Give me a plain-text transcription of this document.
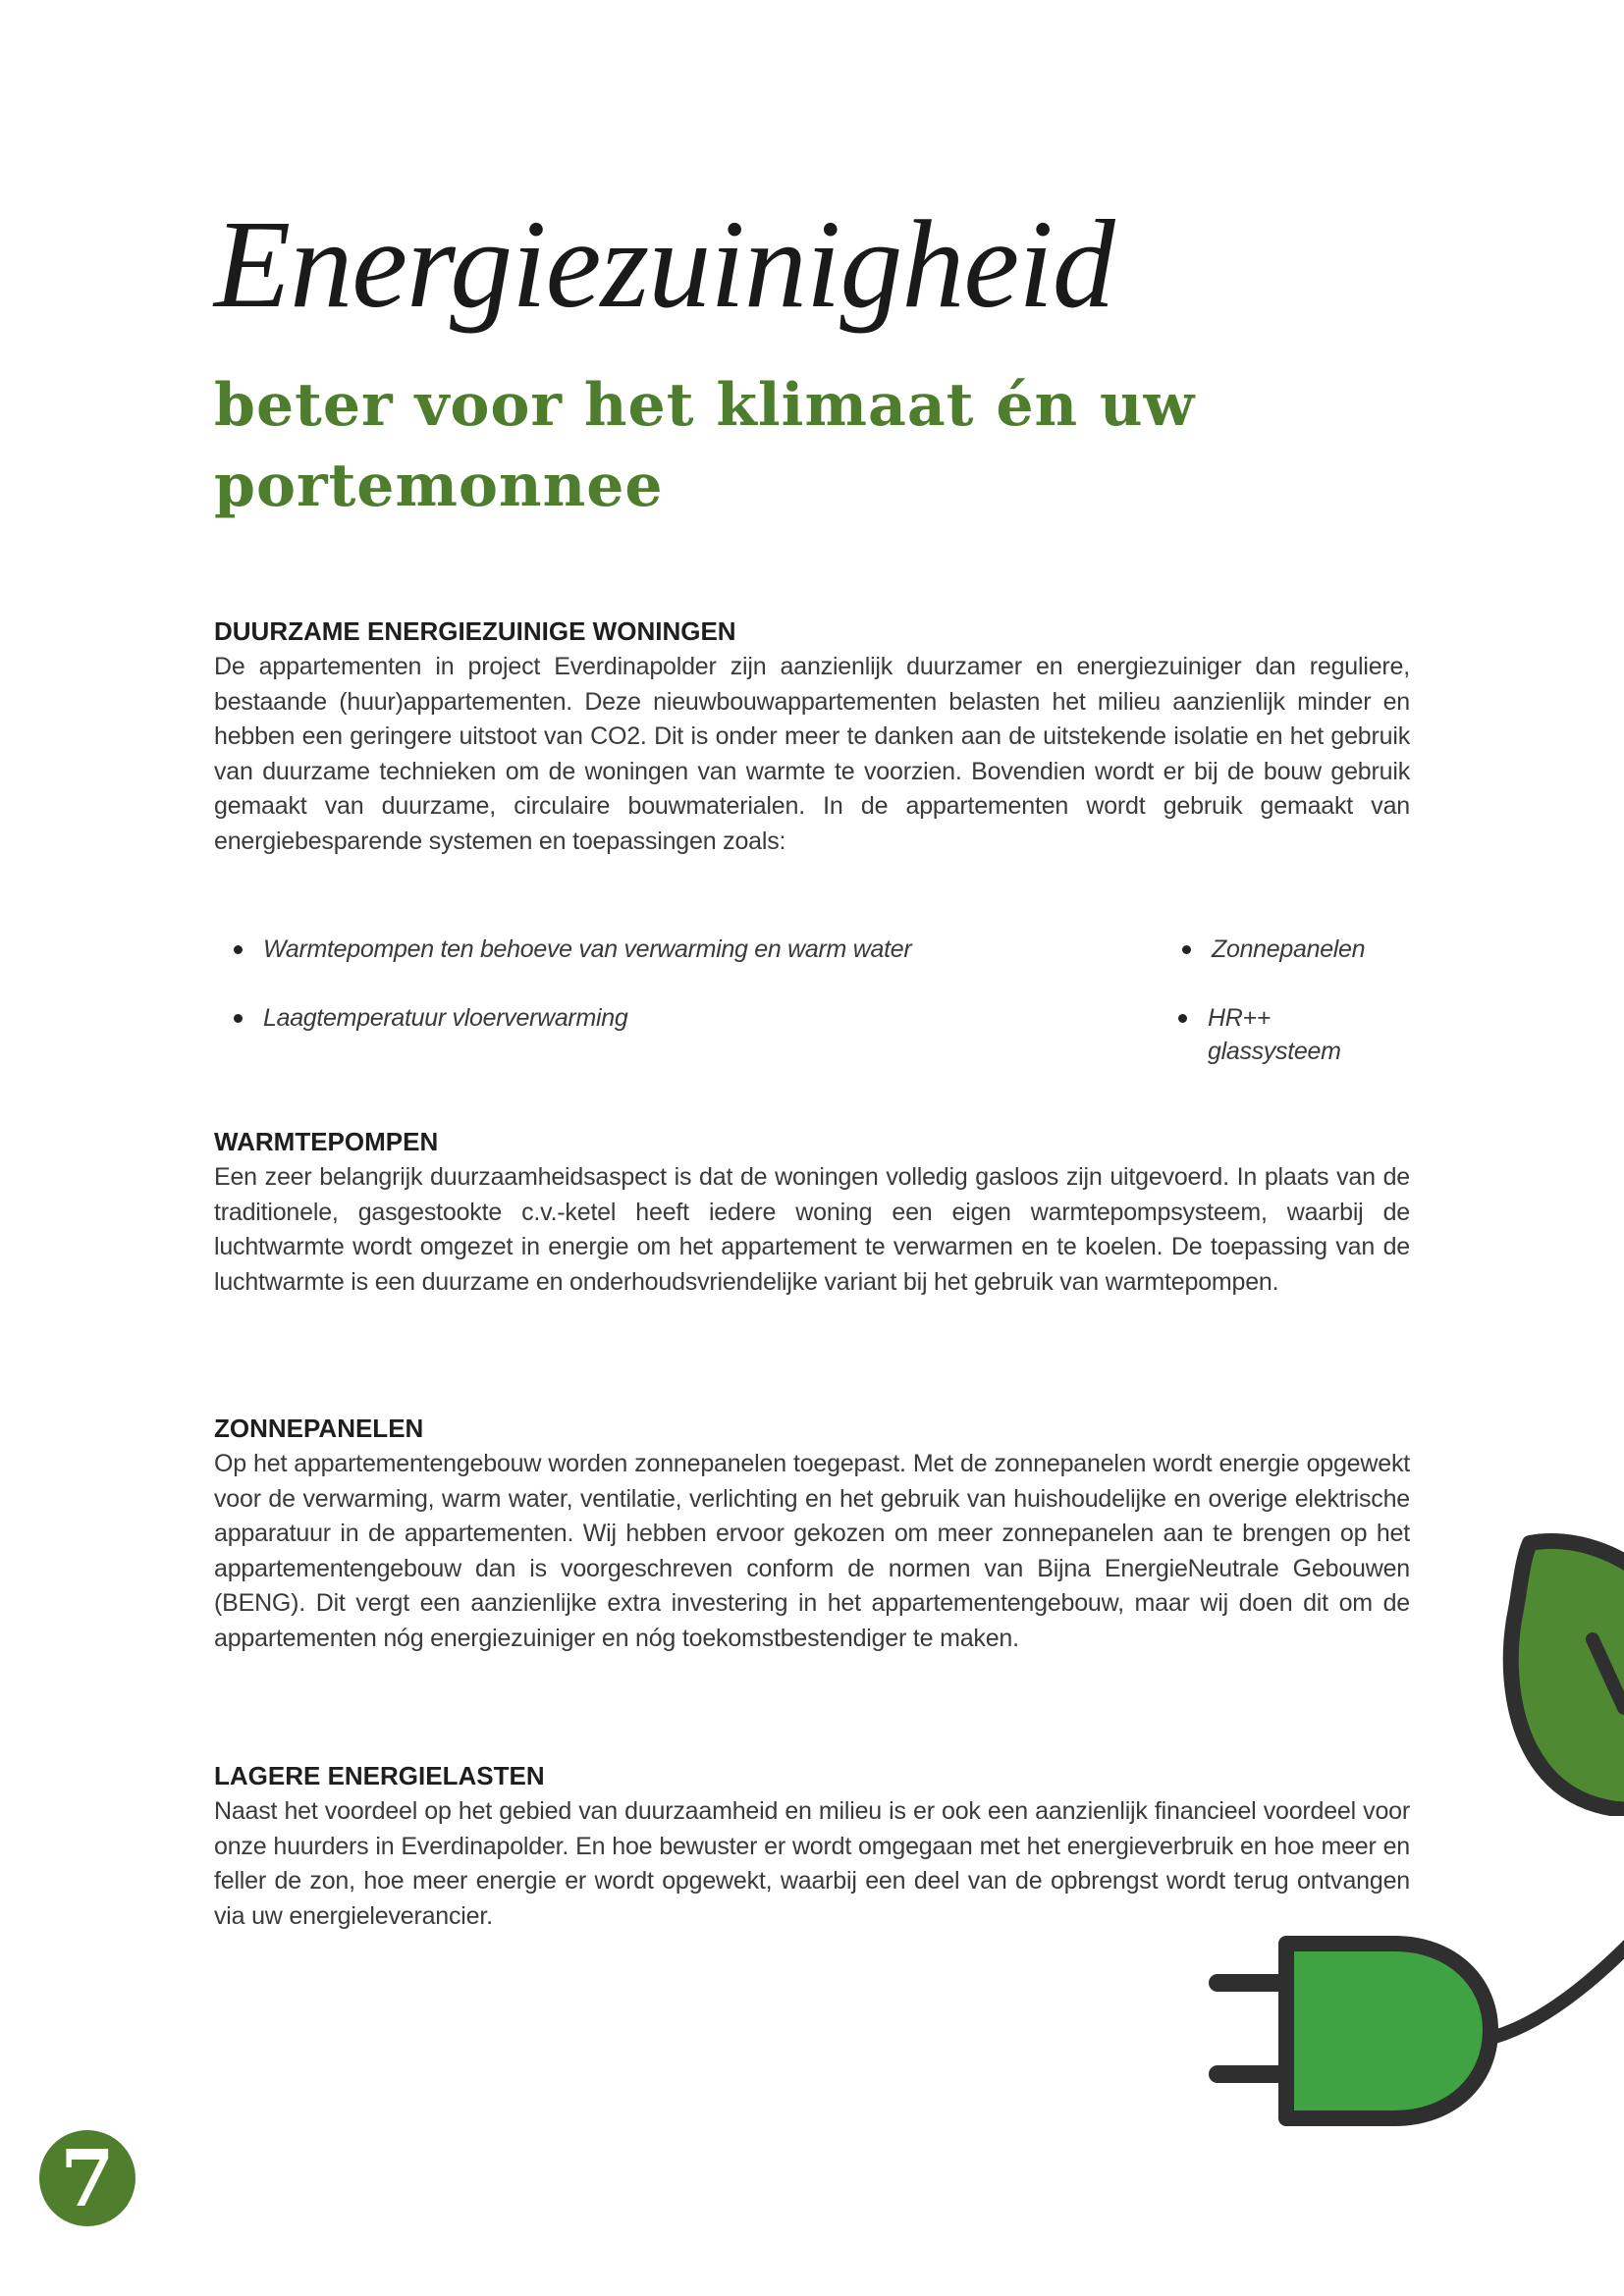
Energiezuinigheid
beter voor het klimaat én uw portemonnee
DUURZAME ENERGIEZUINIGE WONINGEN

De appartementen in project Everdinapolder zijn aanzienlijk duurzamer en energiezuiniger dan reguliere, bestaande (huur)appartementen. Deze nieuwbouwappartementen belasten het milieu aanzienlijk minder en hebben een geringere uitstoot van CO2. Dit is onder meer te danken aan de uitstekende isolatie en het gebruik van duurzame technieken om de woningen van warmte te voorzien. Bovendien wordt er bij de bouw gebruik gemaakt van duurzame, circulaire bouwmaterialen. In de appartementen wordt gebruik gemaakt van energiebesparende systemen en toepassingen zoals:

Warmtepompen ten behoeve van verwarming en warm water	Zonnepanelen
Laagtemperatuur vloerverwarming	HR++ glassysteem
WARMTEPOMPEN

Een zeer belangrijk duurzaamheidsaspect is dat de woningen volledig gasloos zijn uitgevoerd. In plaats van de traditionele, gasgestookte c.v.-ketel heeft iedere woning een eigen warmtepompsysteem, waarbij de luchtwarmte wordt omgezet in energie om het appartement te verwarmen en te koelen. De toepassing van de luchtwarmte is een duurzame en onderhoudsvriendelijke variant bij het gebruik van warmtepompen.

ZONNEPANELEN

Op het appartementengebouw worden zonnepanelen toegepast. Met de zonnepanelen wordt energie opgewekt voor de verwarming, warm water, ventilatie, verlichting en het gebruik van huishoudelijke en overige elektrische apparatuur in de appartementen. Wij hebben ervoor gekozen om meer zonnepanelen aan te brengen op het appartementengebouw dan is voorgeschreven conform de normen van Bijna EnergieNeutrale Gebouwen (BENG). Dit vergt een aanzienlijke extra investering in het appartementengebouw, maar wij doen dit om de appartementen nóg energiezuiniger en nóg toekomstbestendiger te maken.

LAGERE ENERGIELASTEN

Naast het voordeel op het gebied van duurzaamheid en milieu is er ook een aanzienlijk financieel voordeel voor onze huurders in Everdinapolder. En hoe bewuster er wordt omgegaan met het energieverbruik en hoe meer en feller de zon, hoe meer energie er wordt opgewekt, waarbij een deel van de opbrengst wordt terug ontvangen via uw energieleverancier.

7
